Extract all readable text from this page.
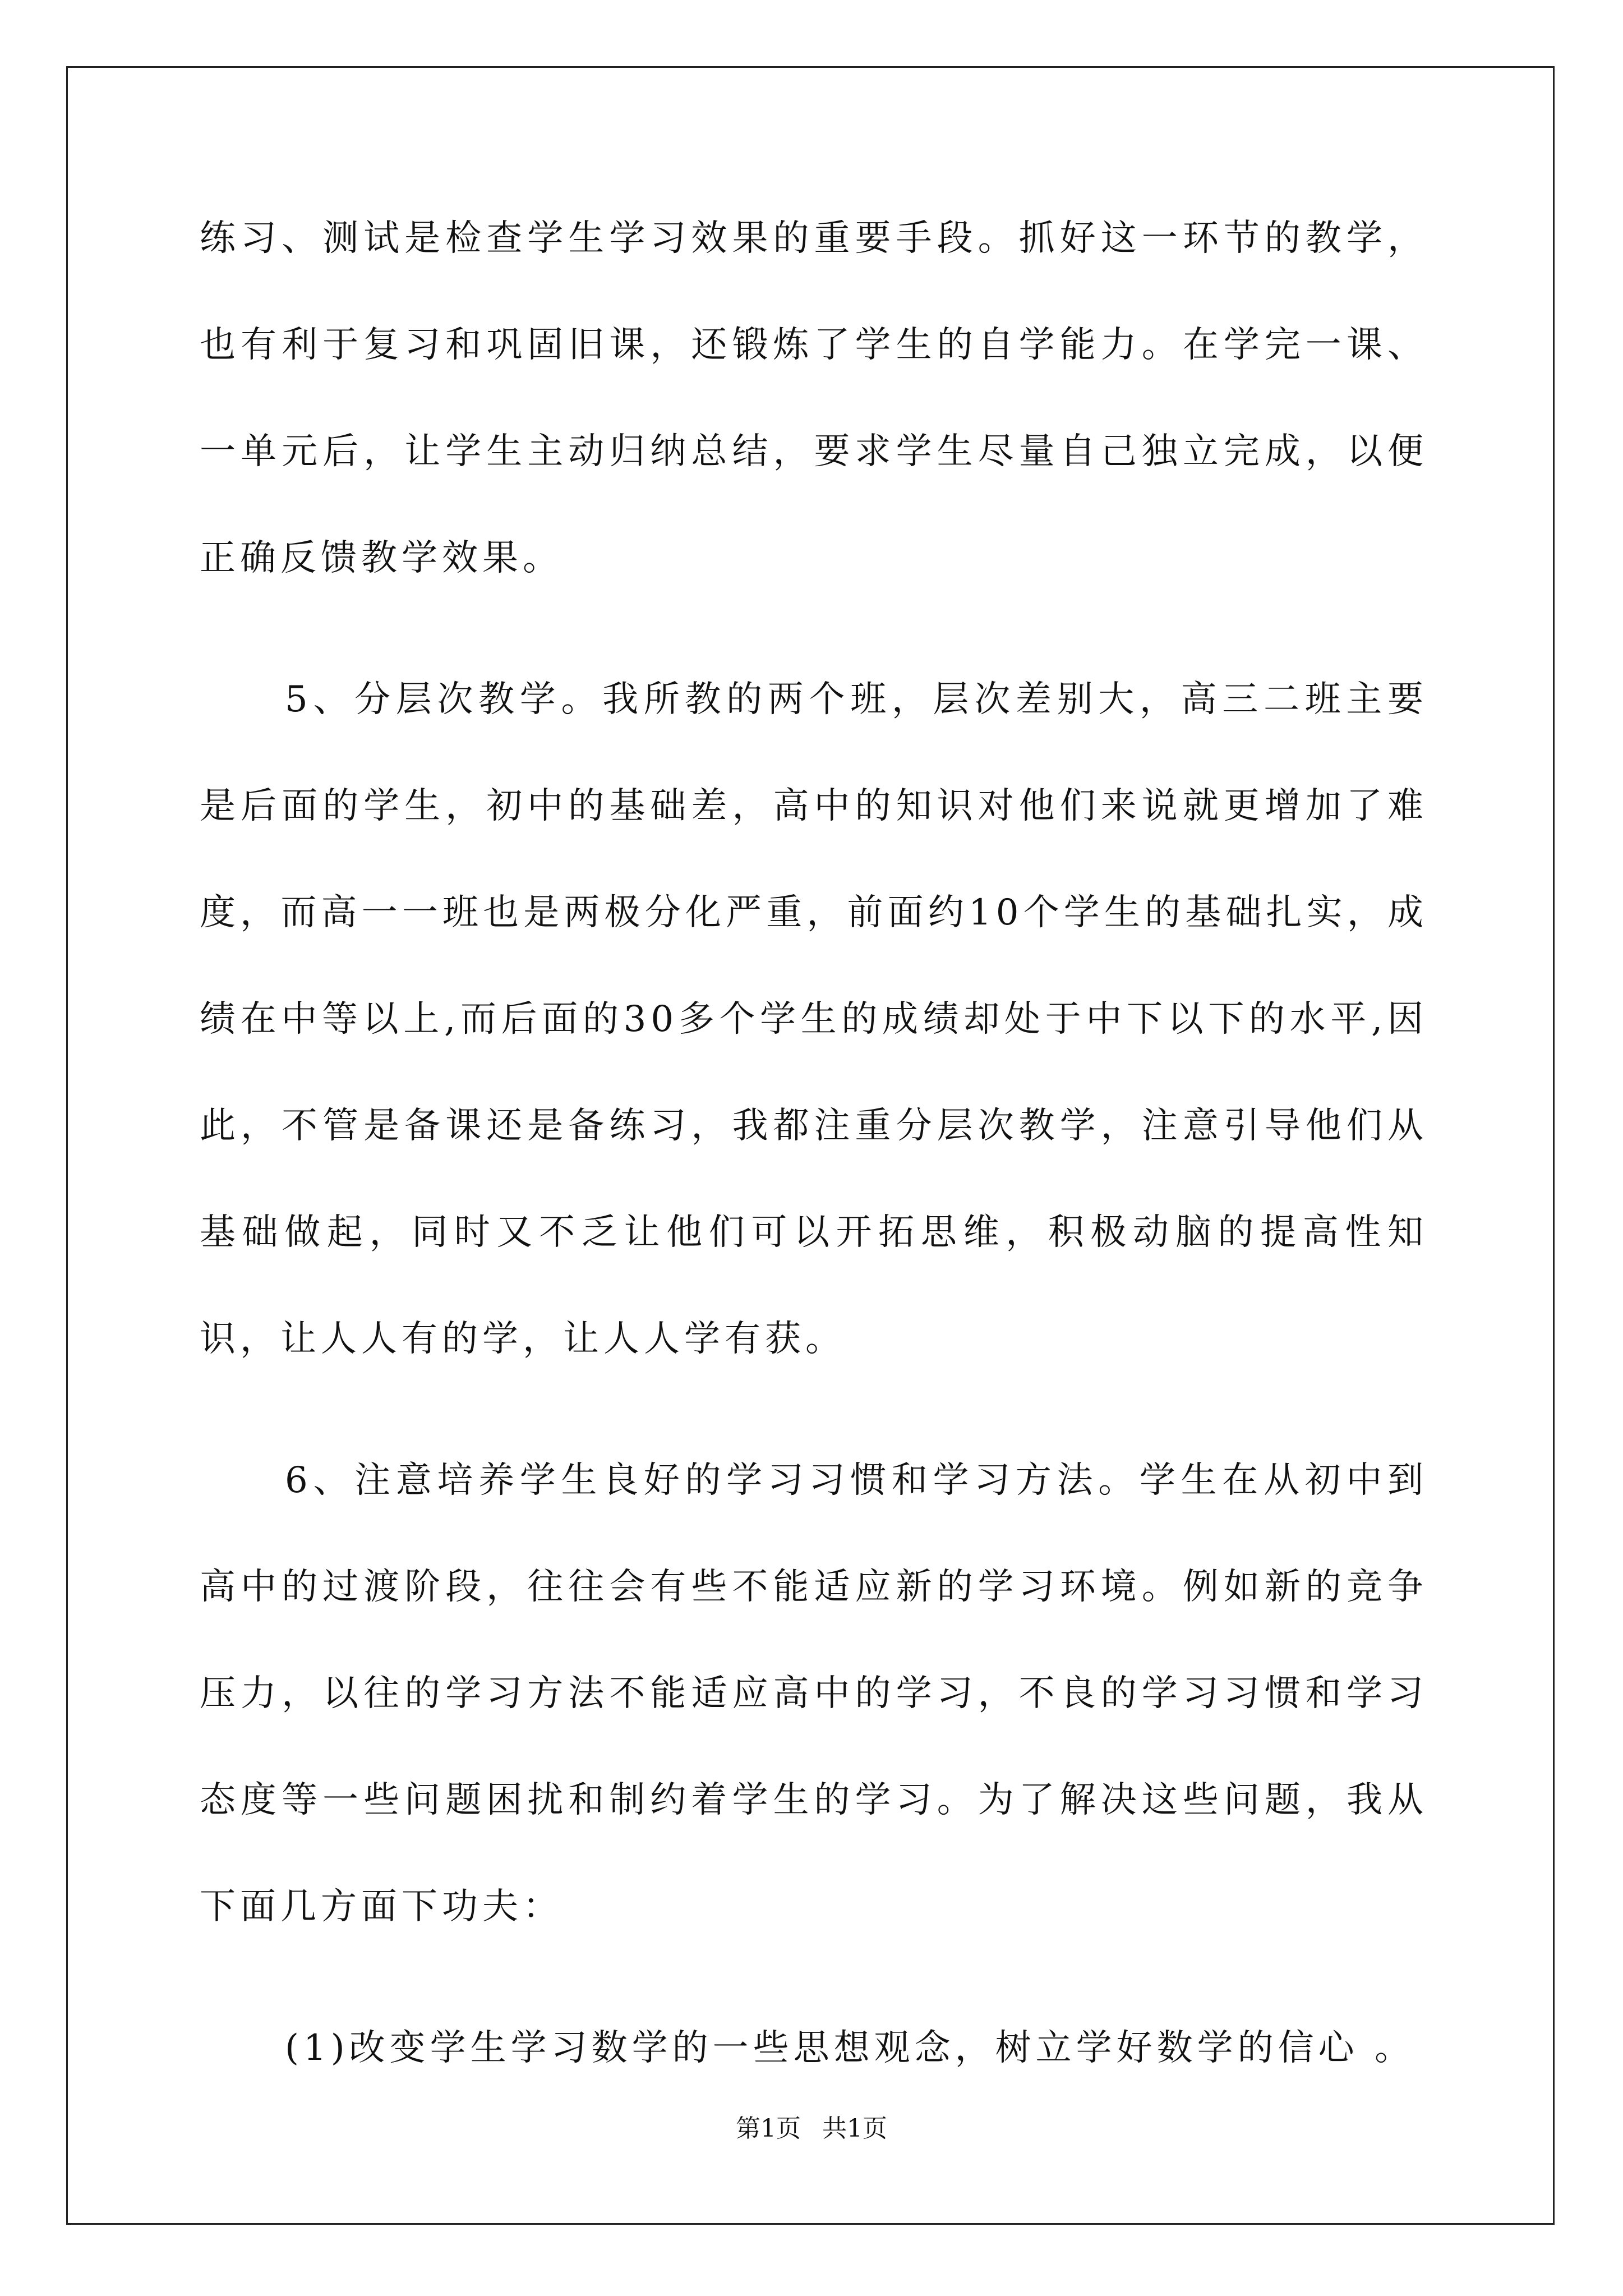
练习、测试是检查学生学习效果的重要手段。抓好这一环节的教学，也有利于复习和巩固旧课，还锻炼了学生的自学能力。在学完一课、一单元后，让学生主动归纳总结，要求学生尽量自己独立完成，以便正确反馈教学效果。

5、分层次教学。我所教的两个班，层次差别大，高三二班主要是后面的学生，初中的基础差，高中的知识对他们来说就更增加了难度，而高一一班也是两极分化严重，前面约10个学生的基础扎实，成绩在中等以上,而后面的30多个学生的成绩却处于中下以下的水平,因此，不管是备课还是备练习，我都注重分层次教学，注意引导他们从基础做起，同时又不乏让他们可以开拓思维，积极动脑的提高性知识，让人人有的学，让人人学有获。

6、注意培养学生良好的学习习惯和学习方法。学生在从初中到高中的过渡阶段，往往会有些不能适应新的学习环境。例如新的竞争压力，以往的学习方法不能适应高中的学习，不良的学习习惯和学习态度等一些问题困扰和制约着学生的学习。为了解决这些问题，我从下面几方面下功夫：

(1)改变学生学习数学的一些思想观念，树立学好数学的信心 。

第1页 共1页
